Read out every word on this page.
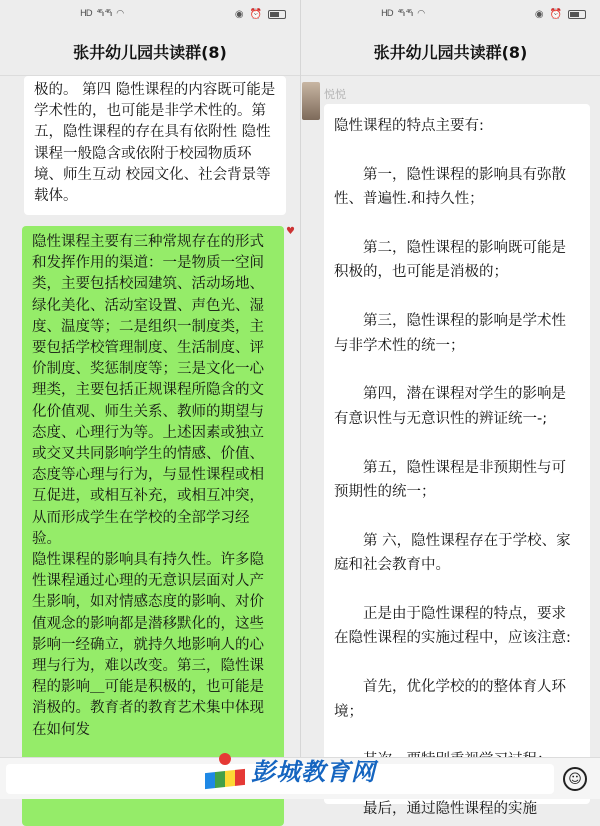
HD ⁴⁶ᵢₗ ⁴⁶ᵢₗ ◠	◉ ⏰
张井幼儿园共读群(8)
极的。 第四 隐性课程的内容既可能是学术性的，也可能是非学术性的。第五，隐性课程的存在具有依附性 隐性课程一般隐含或依附于校园物质环境、师生互动 校园文化、社会背景等载体。
隐性课程主要有三种常规存在的形式和发挥作用的渠道：一是物质一空间类，主要包括校园建筑、活动场地、绿化美化、活动室设置、声色光、湿度、温度等；二是组织一制度类，主要包括学校管理制度、生活制度、评价制度、奖惩制度等；三是文化一心理类，主要包括正规课程所隐含的文化价值观、师生关系、教师的期望与态度、心理行为等。上述因素或独立或交叉共同影响学生的情感、价值、态度等心理与行为，与显性课程或相互促进，或相互补充，或相互冲突，从而形成学生在学校的全部学习经验。
隐性课程的影响具有持久性。许多隐性课程通过心理的无意识层面对人产生影响，如对情感态度的影响、对价值观念的影响都是潜移默化的，这些影响一经确立，就持久地影响人的心理与行为，难以改变。第三，隐性课程的影响＿可能是积极的，也可能是消极的。教育者的教育艺术集中体现在如何发
♥
HD ⁴⁶ᵢₗ ⁴⁶ᵢₗ ◠	◉ ⏰
张井幼儿园共读群(8)
悦悦
隐性课程的特点主要有:
　　第一，隐性课程的影响具有弥散性、普遍性.和持久性；
　　第二，隐性课程的影响既可能是积极的，也可能是消极的；
　　第三，隐性课程的影响是学术性与非学术性的统一；
　　第四，潜在课程对学生的影响是有意识性与无意识性的辨证统一-;
　　第五，隐性课程是非预期性与可预期性的统一；
　　第 六，隐性课程存在于学校、家庭和社会教育中。
　　正是由于隐性课程的特点，要求在隐性课程的实施过程中，应该注意:
　　首先，优化学校的的整体育人环境；
　　最后，通过隐性课程的实施
☺
彭城教育网
